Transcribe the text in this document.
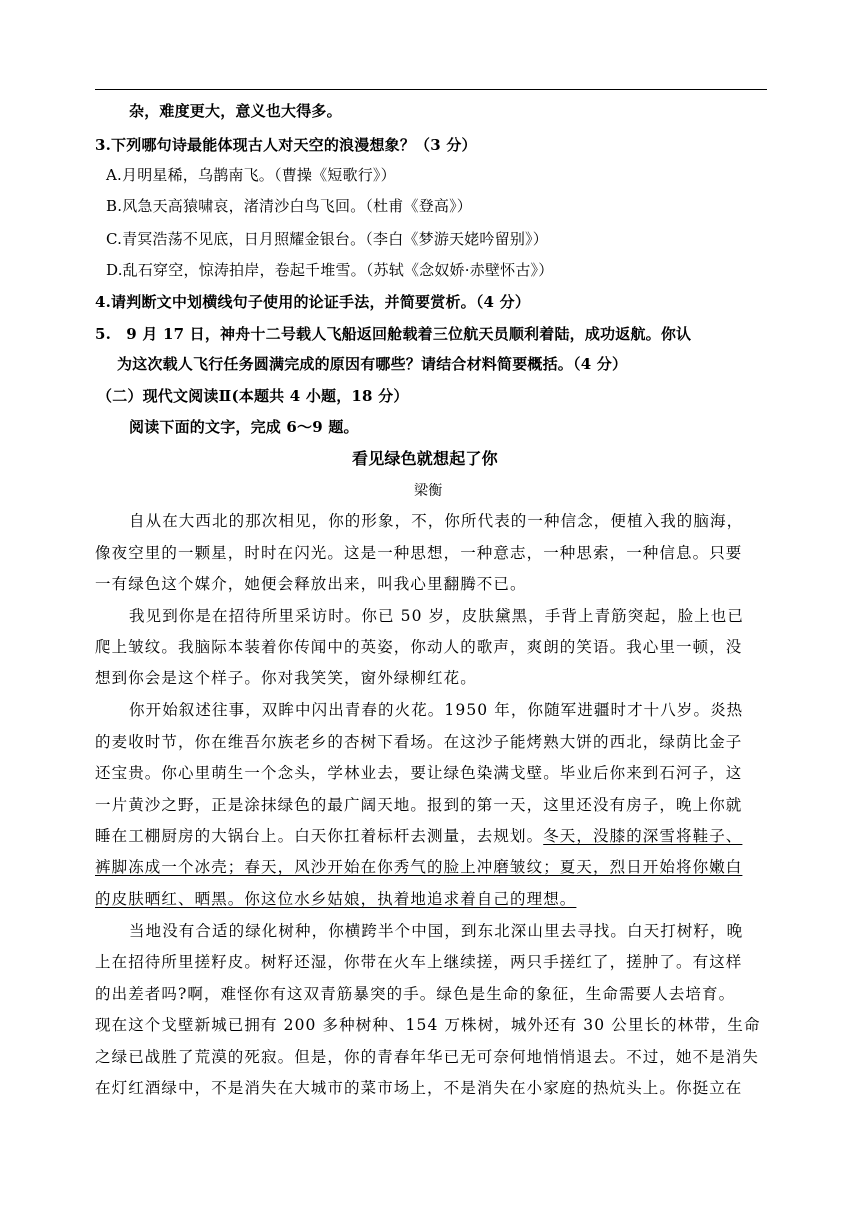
杂，难度更大，意义也大得多。
3.下列哪句诗最能体现古人对天空的浪漫想象？（3 分）
A.月明星稀，乌鹊南飞。（曹操《短歌行》）
B.风急天高猿啸哀，渚清沙白鸟飞回。（杜甫《登高》）
C.青冥浩荡不见底，日月照耀金银台。（李白《梦游天姥吟留别》）
D.乱石穿空，惊涛拍岸，卷起千堆雪。（苏轼《念奴娇·赤壁怀古》）
4.请判断文中划横线句子使用的论证手法，并简要赏析。（4 分）
5.　9 月 17 日，神舟十二号载人飞船返回舱载着三位航天员顺利着陆，成功返航。你认
为这次载人飞行任务圆满完成的原因有哪些？请结合材料简要概括。（4 分）
（二）现代文阅读Ⅱ(本题共 4 小题，18 分）
阅读下面的文字，完成 6～9 题。
看见绿色就想起了你
梁衡
自从在大西北的那次相见，你的形象，不，你所代表的一种信念，便植入我的脑海，
像夜空里的一颗星，时时在闪光。这是一种思想，一种意志，一种思索，一种信息。只要
一有绿色这个媒介，她便会释放出来，叫我心里翻腾不已。
我见到你是在招待所里采访时。你已 50 岁，皮肤黛黑，手背上青筋突起，脸上也已
爬上皱纹。我脑际本装着你传闻中的英姿，你动人的歌声，爽朗的笑语。我心里一顿，没
想到你会是这个样子。你对我笑笑，窗外绿柳红花。
你开始叙述往事，双眸中闪出青春的火花。1950 年，你随军进疆时才十八岁。炎热
的麦收时节，你在维吾尔族老乡的杏树下看场。在这沙子能烤熟大饼的西北，绿荫比金子
还宝贵。你心里萌生一个念头，学林业去，要让绿色染满戈壁。毕业后你来到石河子，这
一片黄沙之野，正是涂抹绿色的最广阔天地。报到的第一天，这里还没有房子，晚上你就
睡在工棚厨房的大锅台上。白天你扛着标杆去测量，去规划。冬天，没膝的深雪将鞋子、
裤脚冻成一个冰壳；春天，风沙开始在你秀气的脸上冲磨皱纹；夏天，烈日开始将你嫩白
的皮肤晒红、晒黑。你这位水乡姑娘，执着地追求着自己的理想。
当地没有合适的绿化树种，你横跨半个中国，到东北深山里去寻找。白天打树籽，晚
上在招待所里搓籽皮。树籽还湿，你带在火车上继续搓，两只手搓红了，搓肿了。有这样
的出差者吗?啊，难怪你有这双青筋暴突的手。绿色是生命的象征，生命需要人去培育。
现在这个戈壁新城已拥有 200 多种树种、154 万株树，城外还有 30 公里长的林带，生命
之绿已战胜了荒漠的死寂。但是，你的青春年华已无可奈何地悄悄退去。不过，她不是消失
在灯红酒绿中，不是消失在大城市的菜市场上，不是消失在小家庭的热炕头上。你挺立在
